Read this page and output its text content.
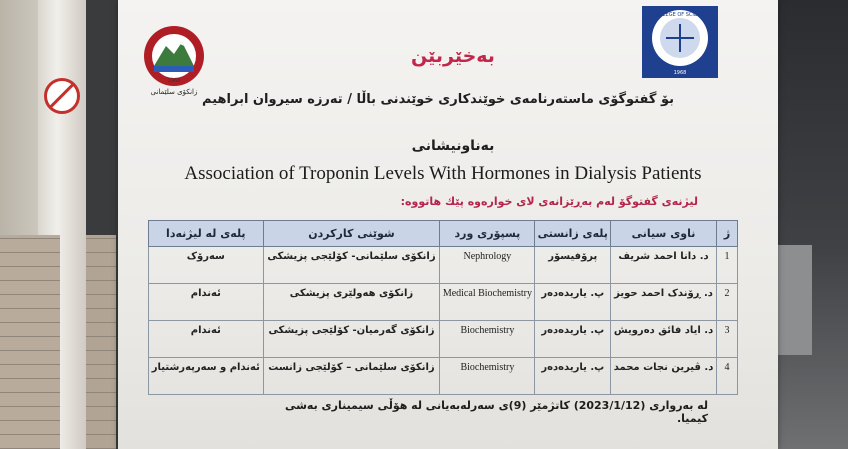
1968
زانکۆی سلێمانی
COLLEGE OF SCIENCE
1968
بەخێربێن
بۆ گفتوگۆی ماستەرنامەی خوێندکاری خوێندنی باڵا / تەرزە سیروان ابراهیم
بەناونیشانی
Association of Troponin Levels With Hormones in Dialysis Patients
لیژنەی گفتوگۆ لەم بەڕێزانەی لای خوارەوە پێك هاتووە:
ژ	ناوی سیانی	پلەی زانستی	پسپۆری ورد	شوێنی کارکردن	پلەی لە لیژنەدا
1	د. دانا احمد شریف	پرۆفیسۆر	Nephrology	زانکۆی سلێمانی- کۆلێجی پزیشکی	سەرۆک
2	د. ڕۆندک احمد حویز	پ. یاریدەدەر	Medical Biochemistry	زانکۆی هەولێری پزیشکی	ئەندام
3	د. ایاد فائق دەرویش	پ. یاریدەدەر	Biochemistry	زانکۆی گەرمیان- کۆلێجی پزیشکی	ئەندام
4	د. ڤیرین نجات محمد	پ. یاریدەدەر	Biochemistry	زانکۆی سلێمانی – کۆلێجی زانست	ئەندام و سەرپەرشتیار
لە بەرواری (2023/1/12) کاتژمێر (9)ی سەرلەبەیانی لە هۆڵی سیمیناری بەشی کیمیا.
